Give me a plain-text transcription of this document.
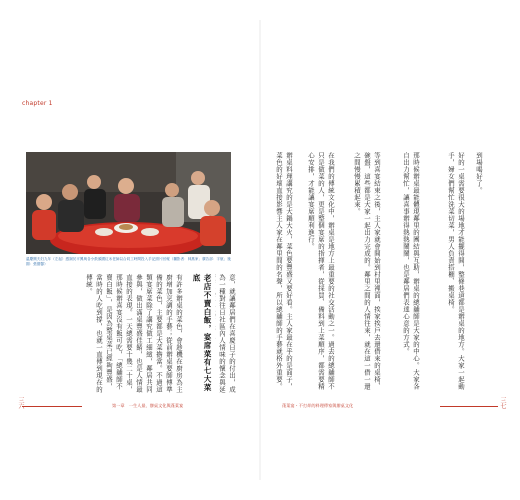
chapter 1
溫慶興夫妇九年（左起）感謝於平興與各小鼓頭國紅米老師以合同工時間投入手記照片回報（攝影者：林燕家；廣告部：宇航；後期：張德馨）
意，就讓鄰居們在喜慶日子的付出，成為一種對往日社區內人情味的懷念與延
老店不賣白飯，宴席菜有七大菜底
有許多辦桌的菜色，會趁機在廚房為主廚增加烹調的手藝；從前辦桌要師傅準備的菜色，主要都是大菜擔當。不過這類宴席菜除了講究做工細緻，鄰居共同參與，做出滿桌豐盛佳餚，也是人情最直接的表現。一天總需要十幾二十桌，那時候辦喜宴沒有飯可吃，「總舖師不賣白飯」，是因為整桌菜已經夠豐盛，當時的人吃到撐，也就一直傳到現在的傳統。
第一章　一生人最、辦桌文化與蓬萊宴
三六
到場喝好了。
好的一桌需要很大的場地才能擺得開，整條巷道都是辦桌的地方。大家一起動手，婦女們幫忙洗菜切菜，男人負責搭棚、搬桌椅。
那時候辦桌最能體現鄰里的團結與互助，辦桌的總舖師是大家的中心。大家各自出力幫忙，讓喜事辦得熱熱鬧鬧，也是鄰居們表達心意的方式。
等到喜宴結束之後，主人家就會開始到村里裡面，挨家挨戶去還借來的桌椅、碗盤，這些都是大家一起出力完成的。鄰里之間的人情往來，就在這一借一還之間慢慢累積起來。
在我們的傳統文化中，辦桌是地方上最重要的社交活動之一。過去的總舖師不只是做菜的人，更是整個宴席的指揮者，從採買、備料到上菜順序，都需要精心安排，才能讓宴席順利進行。
辦桌料理講究的是大鍋大火，菜色要豐盛又要好看。主人家最在乎的是面子，菜色的好壞直接影響主人家在鄰里間的名聲，所以總舖師的手藝就格外重要。
蓬萊宴・不打烊的料理傳家與辦桌文化	三七
